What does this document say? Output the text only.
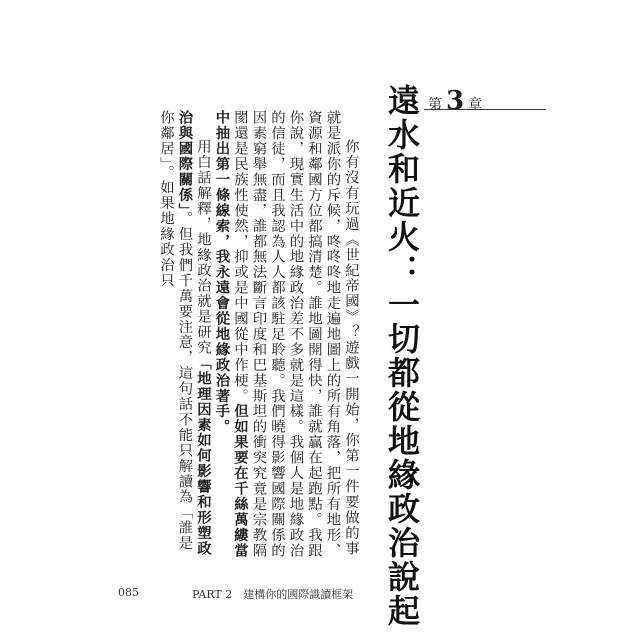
第 3 章
遠水和近火：一切都從地緣政治說起

你有沒有玩過《世紀帝國》？遊戲一開始，你第一件要做的事就是派你的斥候，咚咚咚地走遍地圖上的所有角落，把所有地形、資源和鄰國方位都搞清楚。誰地圖開得快，誰就贏在起跑點。我跟你說，現實生活中的地緣政治差不多就是這樣。我個人是地緣政治的信徒，而且我認為人人都該駐足聆聽。我們曉得影響國際關係的因素窮舉無盡，誰都無法斷言印度和巴基斯坦的衝突究竟是宗教隔閡還是民族性使然，抑或是中國從中作梗。但如果要在千絲萬縷當中抽出第一條線索，我永遠會從地緣政治著手。

用白話解釋，地緣政治就是研究「地理因素如何影響和形塑政治與國際關係」。但我們千萬要注意，這句話不能只解讀為「誰是你鄰居」。如果地緣政治只

085	PART 2　建構你的國際識讀框架
